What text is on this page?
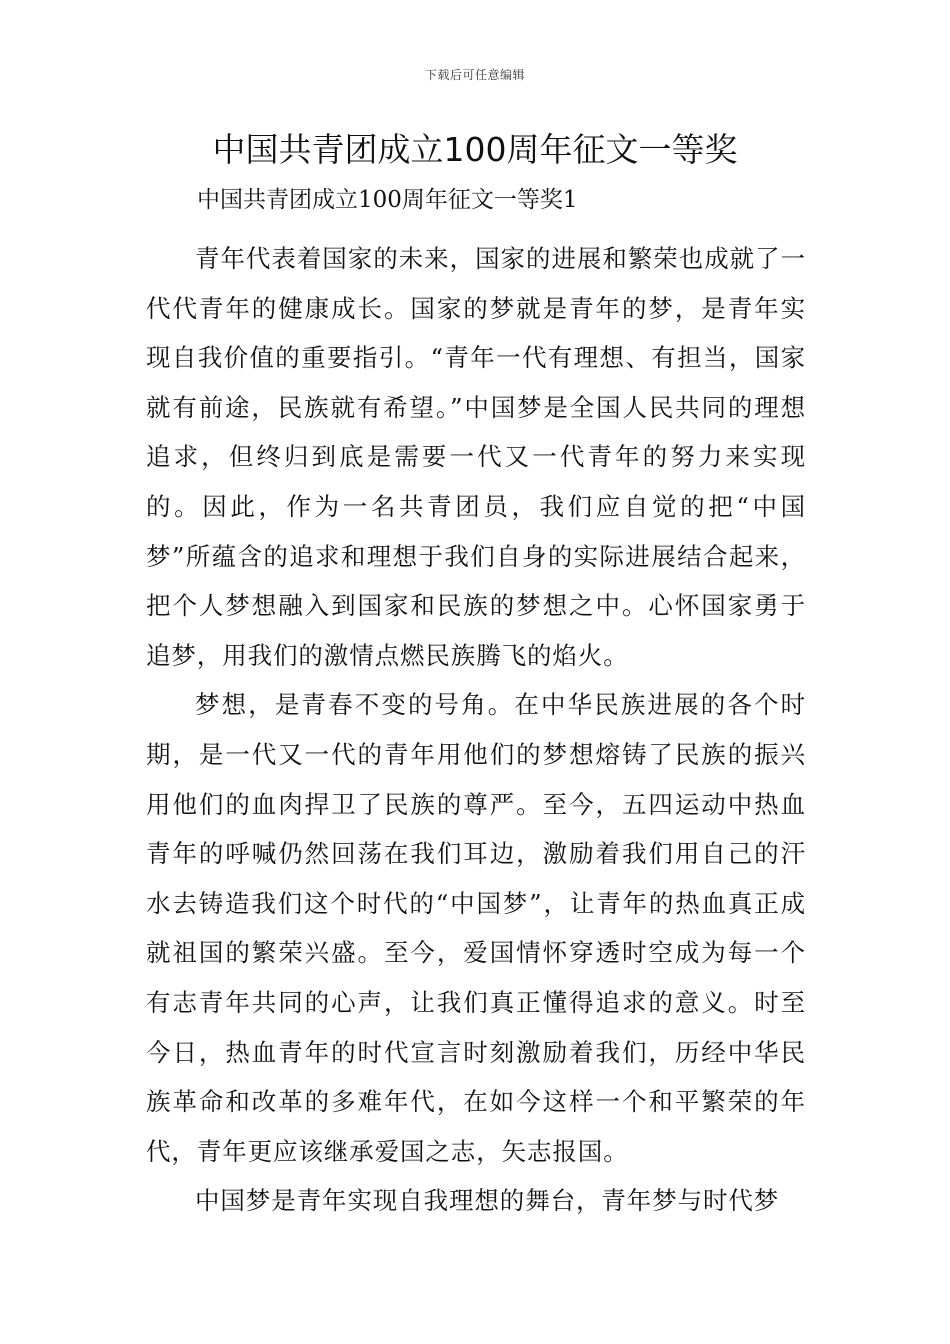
下载后可任意编辑
中国共青团成立100周年征文一等奖
中国共青团成立100周年征文一等奖1

青年代表着国家的未来，国家的进展和繁荣也成就了一代代青年的健康成长。国家的梦就是青年的梦，是青年实现自我价值的重要指引。“青年一代有理想、有担当，国家就有前途，民族就有希望。”中国梦是全国人民共同的理想追求，但终归到底是需要一代又一代青年的努力来实现的。因此，作为一名共青团员，我们应自觉的把“中国梦”所蕴含的追求和理想于我们自身的实际进展结合起来，把个人梦想融入到国家和民族的梦想之中。心怀国家勇于追梦，用我们的激情点燃民族腾飞的焰火。

梦想，是青春不变的号角。在中华民族进展的各个时期，是一代又一代的青年用他们的梦想熔铸了民族的振兴用他们的血肉捍卫了民族的尊严。至今，五四运动中热血青年的呼喊仍然回荡在我们耳边，激励着我们用自己的汗水去铸造我们这个时代的“中国梦”，让青年的热血真正成就祖国的繁荣兴盛。至今，爱国情怀穿透时空成为每一个有志青年共同的心声，让我们真正懂得追求的意义。时至今日，热血青年的时代宣言时刻激励着我们，历经中华民族革命和改革的多难年代，在如今这样一个和平繁荣的年代，青年更应该继承爱国之志，矢志报国。

中国梦是青年实现自我理想的舞台，青年梦与时代梦
